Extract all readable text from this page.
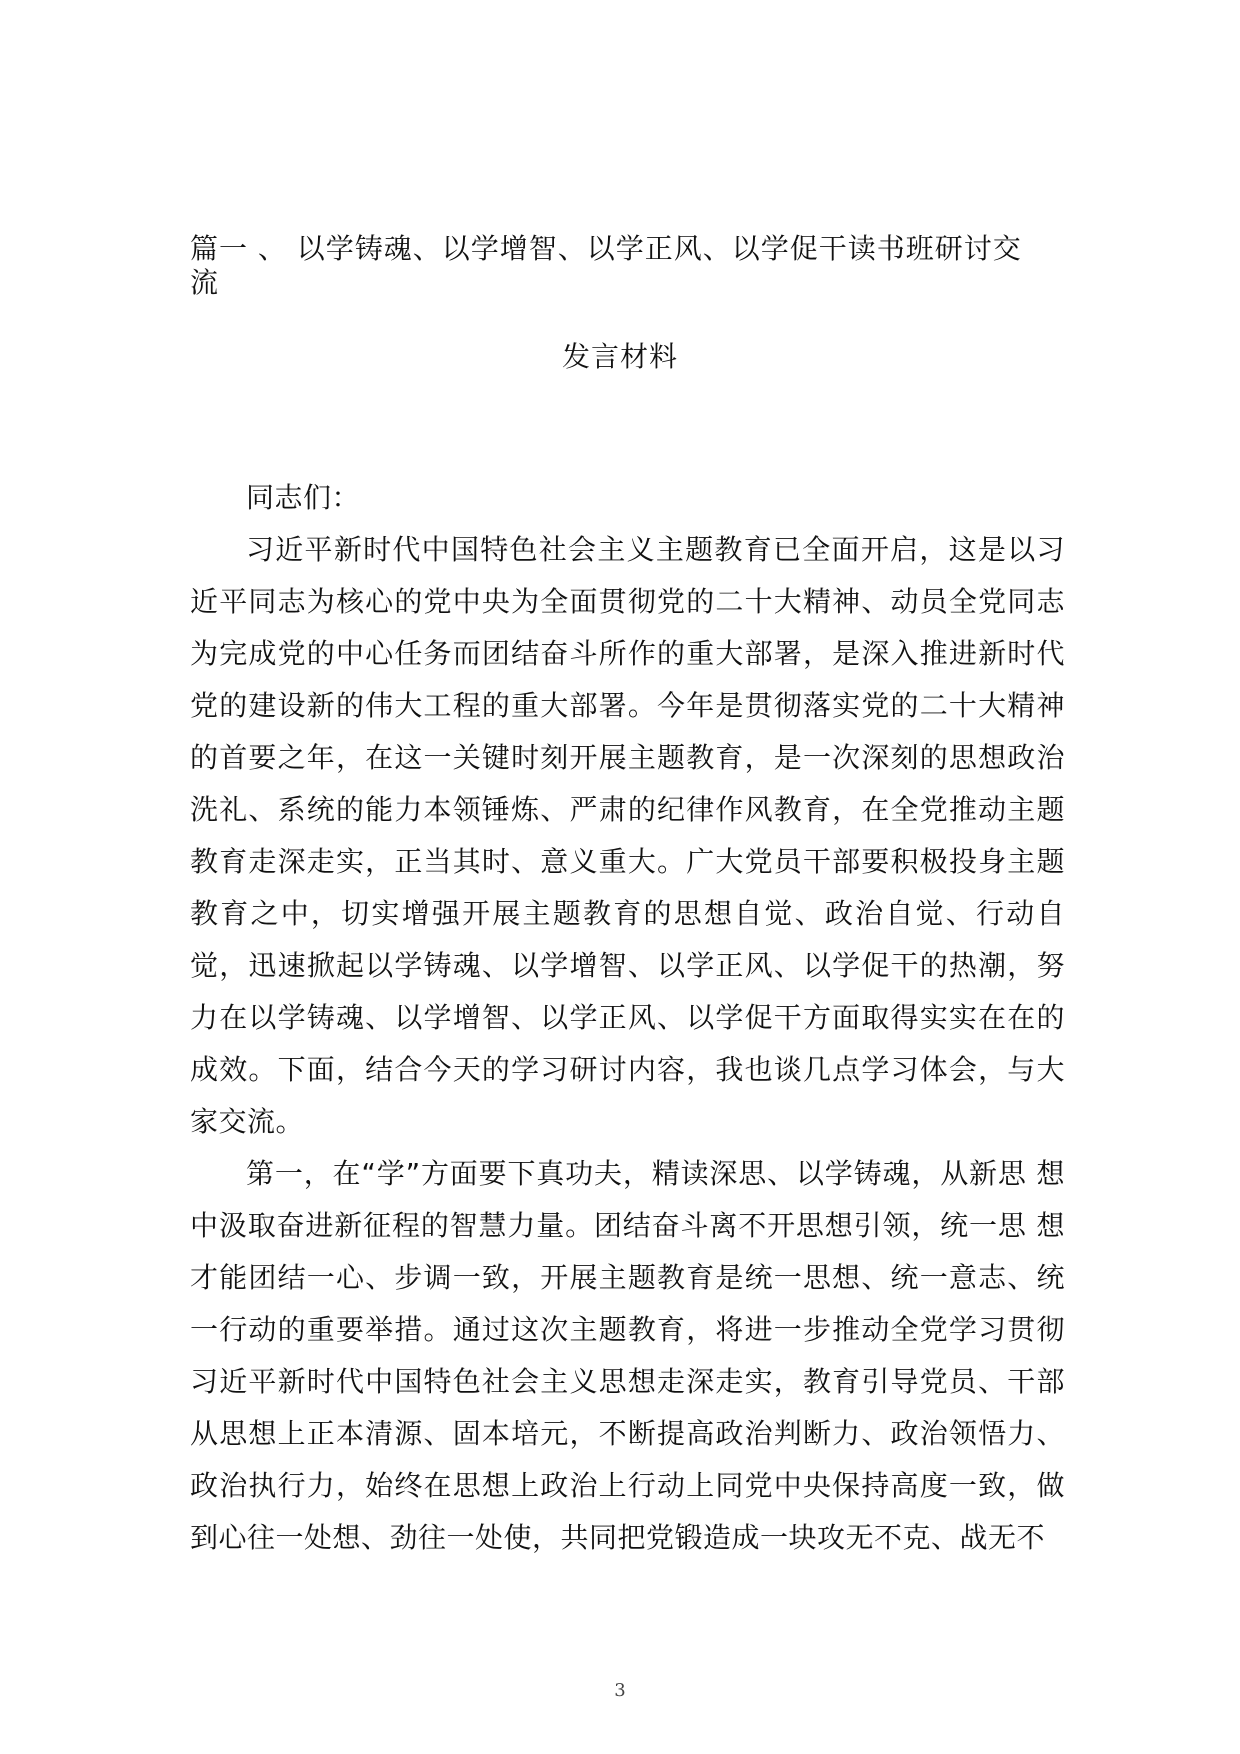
篇一 、 以学铸魂、以学增智、以学正风、以学促干读书班研讨交流
发言材料

同志们：

习近平新时代中国特色社会主义主题教育已全面开启，这是以习近平同志为核心的党中央为全面贯彻党的二十大精神、动员全党同志为完成党的中心任务而团结奋斗所作的重大部署，是深入推进新时代党的建设新的伟大工程的重大部署。今年是贯彻落实党的二十大精神的首要之年，在这一关键时刻开展主题教育，是一次深刻的思想政治洗礼、系统的能力本领锤炼、严肃的纪律作风教育，在全党推动主题教育走深走实，正当其时、意义重大。广大党员干部要积极投身主题教育之中，切实增强开展主题教育的思想自觉、政治自觉、行动自觉，迅速掀起以学铸魂、以学增智、以学正风、以学促干的热潮，努力在以学铸魂、以学增智、以学正风、以学促干方面取得实实在在的成效。下面，结合今天的学习研讨内容，我也谈几点学习体会，与大家交流。

第一，在“学”方面要下真功夫，精读深思、以学铸魂，从新思 想中汲取奋进新征程的智慧力量。团结奋斗离不开思想引领，统一思 想才能团结一心、步调一致，开展主题教育是统一思想、统一意志、统一行动的重要举措。通过这次主题教育，将进一步推动全党学习贯彻习近平新时代中国特色社会主义思想走深走实，教育引导党员、干部从思想上正本清源、固本培元，不断提高政治判断力、政治领悟力、政治执行力，始终在思想上政治上行动上同党中央保持高度一致，做 到心往一处想、劲往一处使，共同把党锻造成一块攻无不克、战无不

3
